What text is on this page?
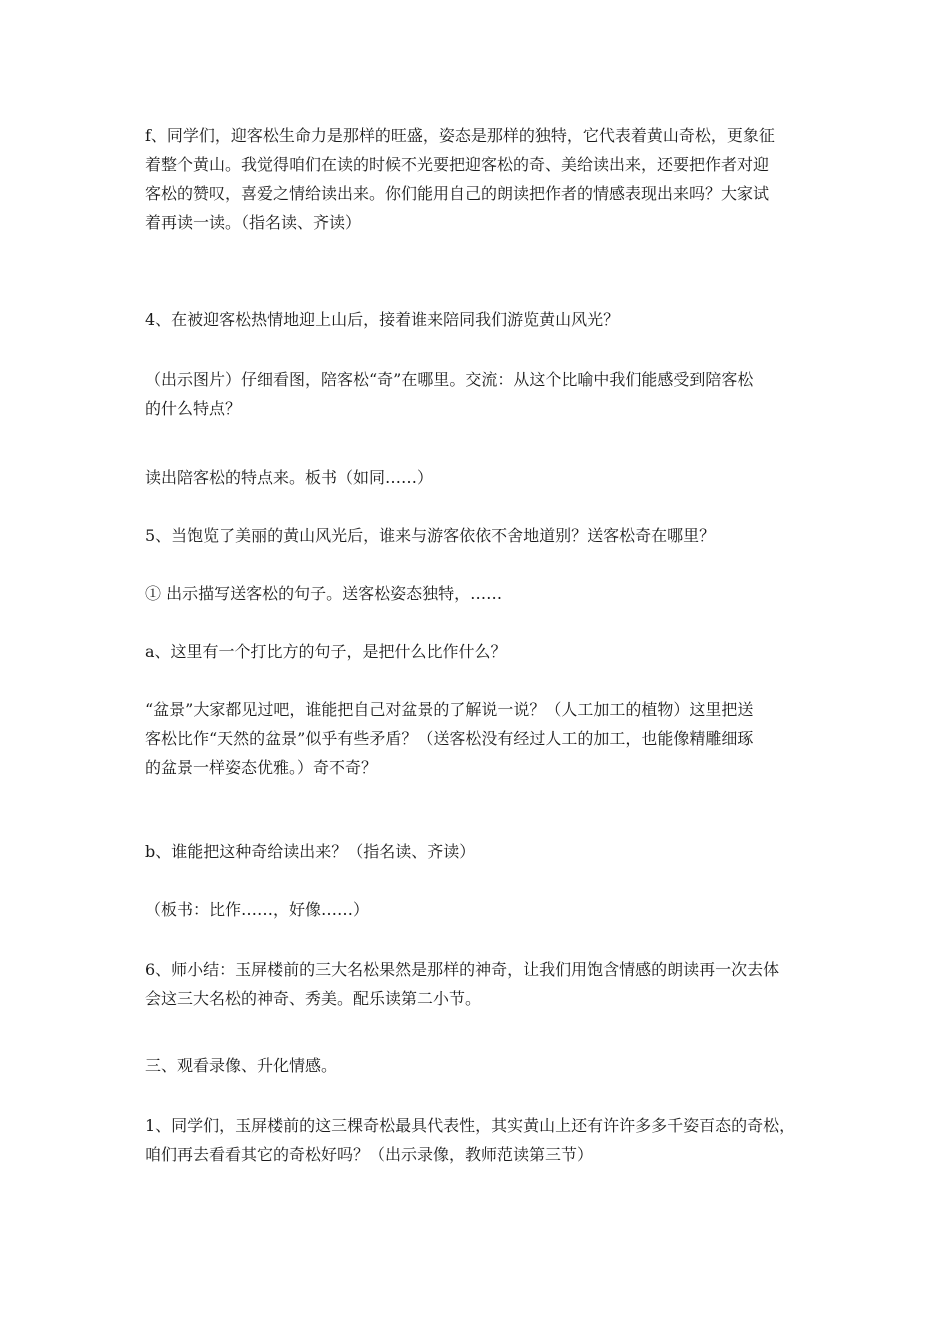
f、同学们，迎客松生命力是那样的旺盛，姿态是那样的独特，它代表着黄山奇松，更象征
着整个黄山。我觉得咱们在读的时候不光要把迎客松的奇、美给读出来，还要把作者对迎
客松的赞叹，喜爱之情给读出来。你们能用自己的朗读把作者的情感表现出来吗？大家试
着再读一读。（指名读、齐读）
4、在被迎客松热情地迎上山后，接着谁来陪同我们游览黄山风光？
（出示图片）仔细看图，陪客松“奇”在哪里。交流：从这个比喻中我们能感受到陪客松
的什么特点？
读出陪客松的特点来。板书（如同……）
5、当饱览了美丽的黄山风光后，谁来与游客依依不舍地道别？送客松奇在哪里？
① 出示描写送客松的句子。送客松姿态独特，……
a、这里有一个打比方的句子，是把什么比作什么？
“盆景”大家都见过吧，谁能把自己对盆景的了解说一说？（人工加工的植物）这里把送
客松比作“天然的盆景”似乎有些矛盾？（送客松没有经过人工的加工，也能像精雕细琢
的盆景一样姿态优雅。）奇不奇？
b、谁能把这种奇给读出来？（指名读、齐读）
（板书：比作……，好像……）
6、师小结：玉屏楼前的三大名松果然是那样的神奇，让我们用饱含情感的朗读再一次去体
会这三大名松的神奇、秀美。配乐读第二小节。
三、观看录像、升化情感。
1、同学们，玉屏楼前的这三棵奇松最具代表性，其实黄山上还有许许多多千姿百态的奇松，
咱们再去看看其它的奇松好吗？（出示录像，教师范读第三节）
